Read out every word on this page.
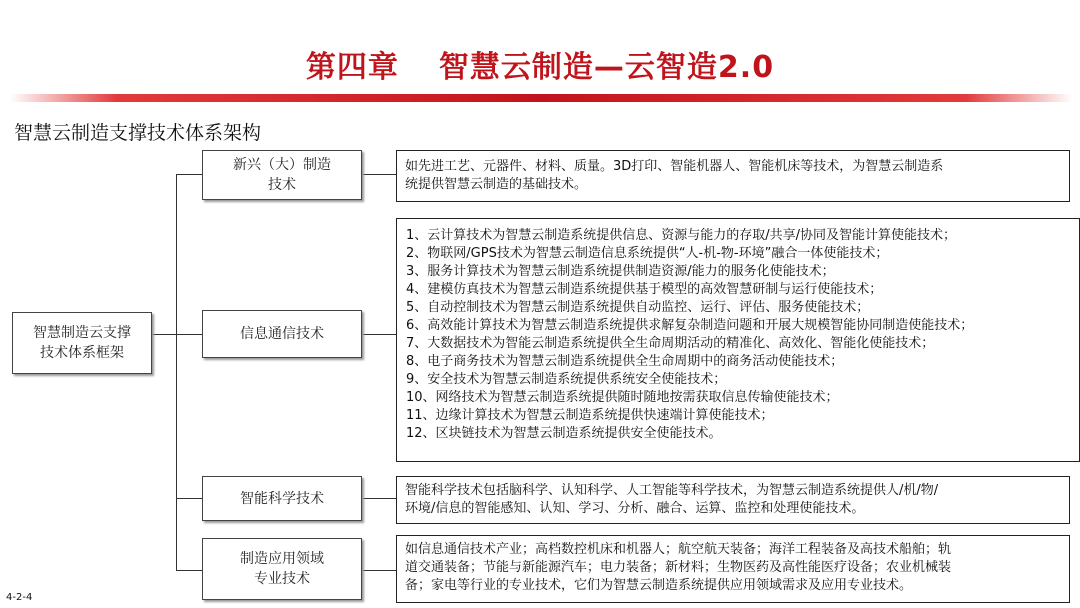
第四章 智慧云制造—云智造2.0
智慧云制造支撑技术体系架构
智慧制造云支撑
技术体系框架
新兴（大）制造
技术
信息通信技术
智能科学技术
制造应用领域
专业技术
如先进工艺、元器件、材料、质量。3D打印、智能机器人、智能机床等技术，为智慧云制造系
统提供智慧云制造的基础技术。
1、云计算技术为智慧云制造系统提供信息、资源与能力的存取/共享/协同及智能计算使能技术；
2、物联网/GPS技术为智慧云制造信息系统提供“人-机-物-环境”融合一体使能技术；
3、服务计算技术为智慧云制造系统提供制造资源/能力的服务化使能技术；
4、建模仿真技术为智慧云制造系统提供基于模型的高效智慧研制与运行使能技术；
5、自动控制技术为智慧云制造系统提供自动监控、运行、评估、服务使能技术；
6、高效能计算技术为智慧云制造系统提供求解复杂制造问题和开展大规模智能协同制造使能技术；
7、大数据技术为智能云制造系统提供全生命周期活动的精准化、高效化、智能化使能技术；
8、电子商务技术为智慧云制造系统提供全生命周期中的商务活动使能技术；
9、安全技术为智慧云制造系统提供系统安全使能技术；
10、网络技术为智慧云制造系统提供随时随地按需获取信息传输使能技术；
11、边缘计算技术为智慧云制造系统提供快速端计算使能技术；
12、区块链技术为智慧云制造系统提供安全使能技术。
智能科学技术包括脑科学、认知科学、人工智能等科学技术，为智慧云制造系统提供人/机/物/
环境/信息的智能感知、认知、学习、分析、融合、运算、监控和处理使能技术。
如信息通信技术产业；高档数控机床和机器人；航空航天装备；海洋工程装备及高技术船舶；轨
道交通装备；节能与新能源汽车；电力装备；新材料；生物医药及高性能医疗设备；农业机械装
备；家电等行业的专业技术，它们为智慧云制造系统提供应用领域需求及应用专业技术。
4-2-4
